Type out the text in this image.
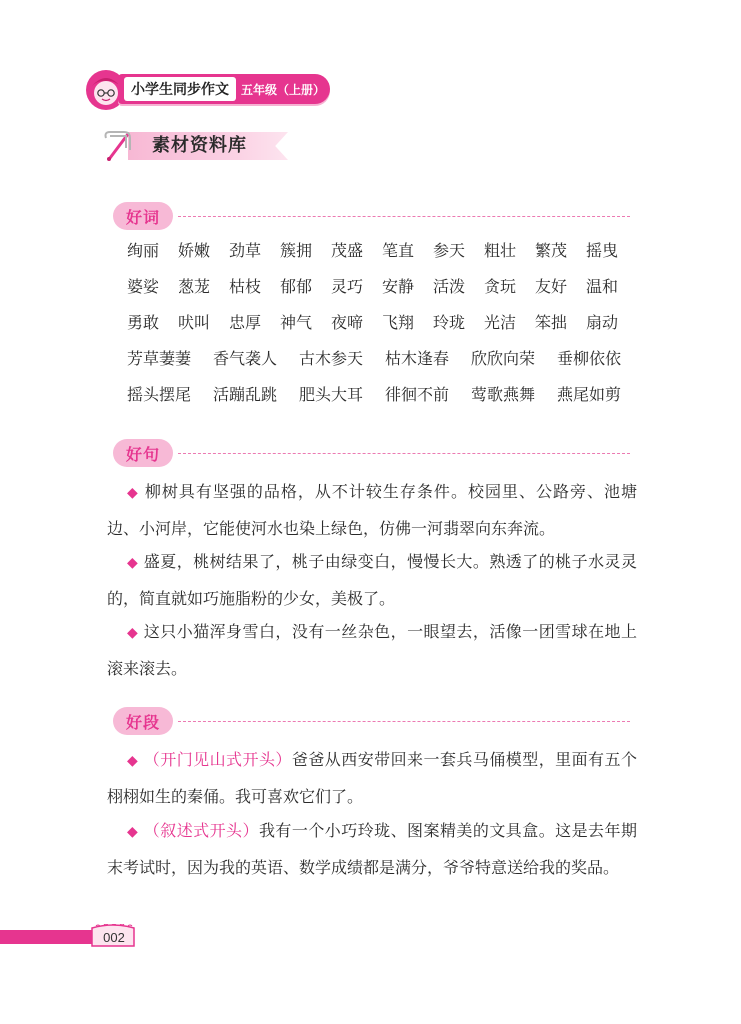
小学生同步作文 五年级（上册）
素材资料库
好词
绚丽	娇嫩	劲草	簇拥	茂盛	笔直	参天	粗壮	繁茂	摇曳
婆娑	葱茏	枯枝	郁郁	灵巧	安静	活泼	贪玩	友好	温和
勇敢	吠叫	忠厚	神气	夜啼	飞翔	玲珑	光洁	笨拙	扇动
芳草萋萋	香气袭人	古木参天	枯木逢春	欣欣向荣	垂柳依依
摇头摆尾	活蹦乱跳	肥头大耳	徘徊不前	莺歌燕舞	燕尾如剪
好句
◆ 柳树具有坚强的品格，从不计较生存条件。校园里、公路旁、池塘边、小河岸，它能使河水也染上绿色，仿佛一河翡翠向东奔流。
◆ 盛夏，桃树结果了，桃子由绿变白，慢慢长大。熟透了的桃子水灵灵的，简直就如巧施脂粉的少女，美极了。
◆ 这只小猫浑身雪白，没有一丝杂色，一眼望去，活像一团雪球在地上滚来滚去。
好段
◆ （开门见山式开头）爸爸从西安带回来一套兵马俑模型，里面有五个栩栩如生的秦俑。我可喜欢它们了。
◆ （叙述式开头）我有一个小巧玲珑、图案精美的文具盒。这是去年期末考试时，因为我的英语、数学成绩都是满分，爷爷特意送给我的奖品。
002
